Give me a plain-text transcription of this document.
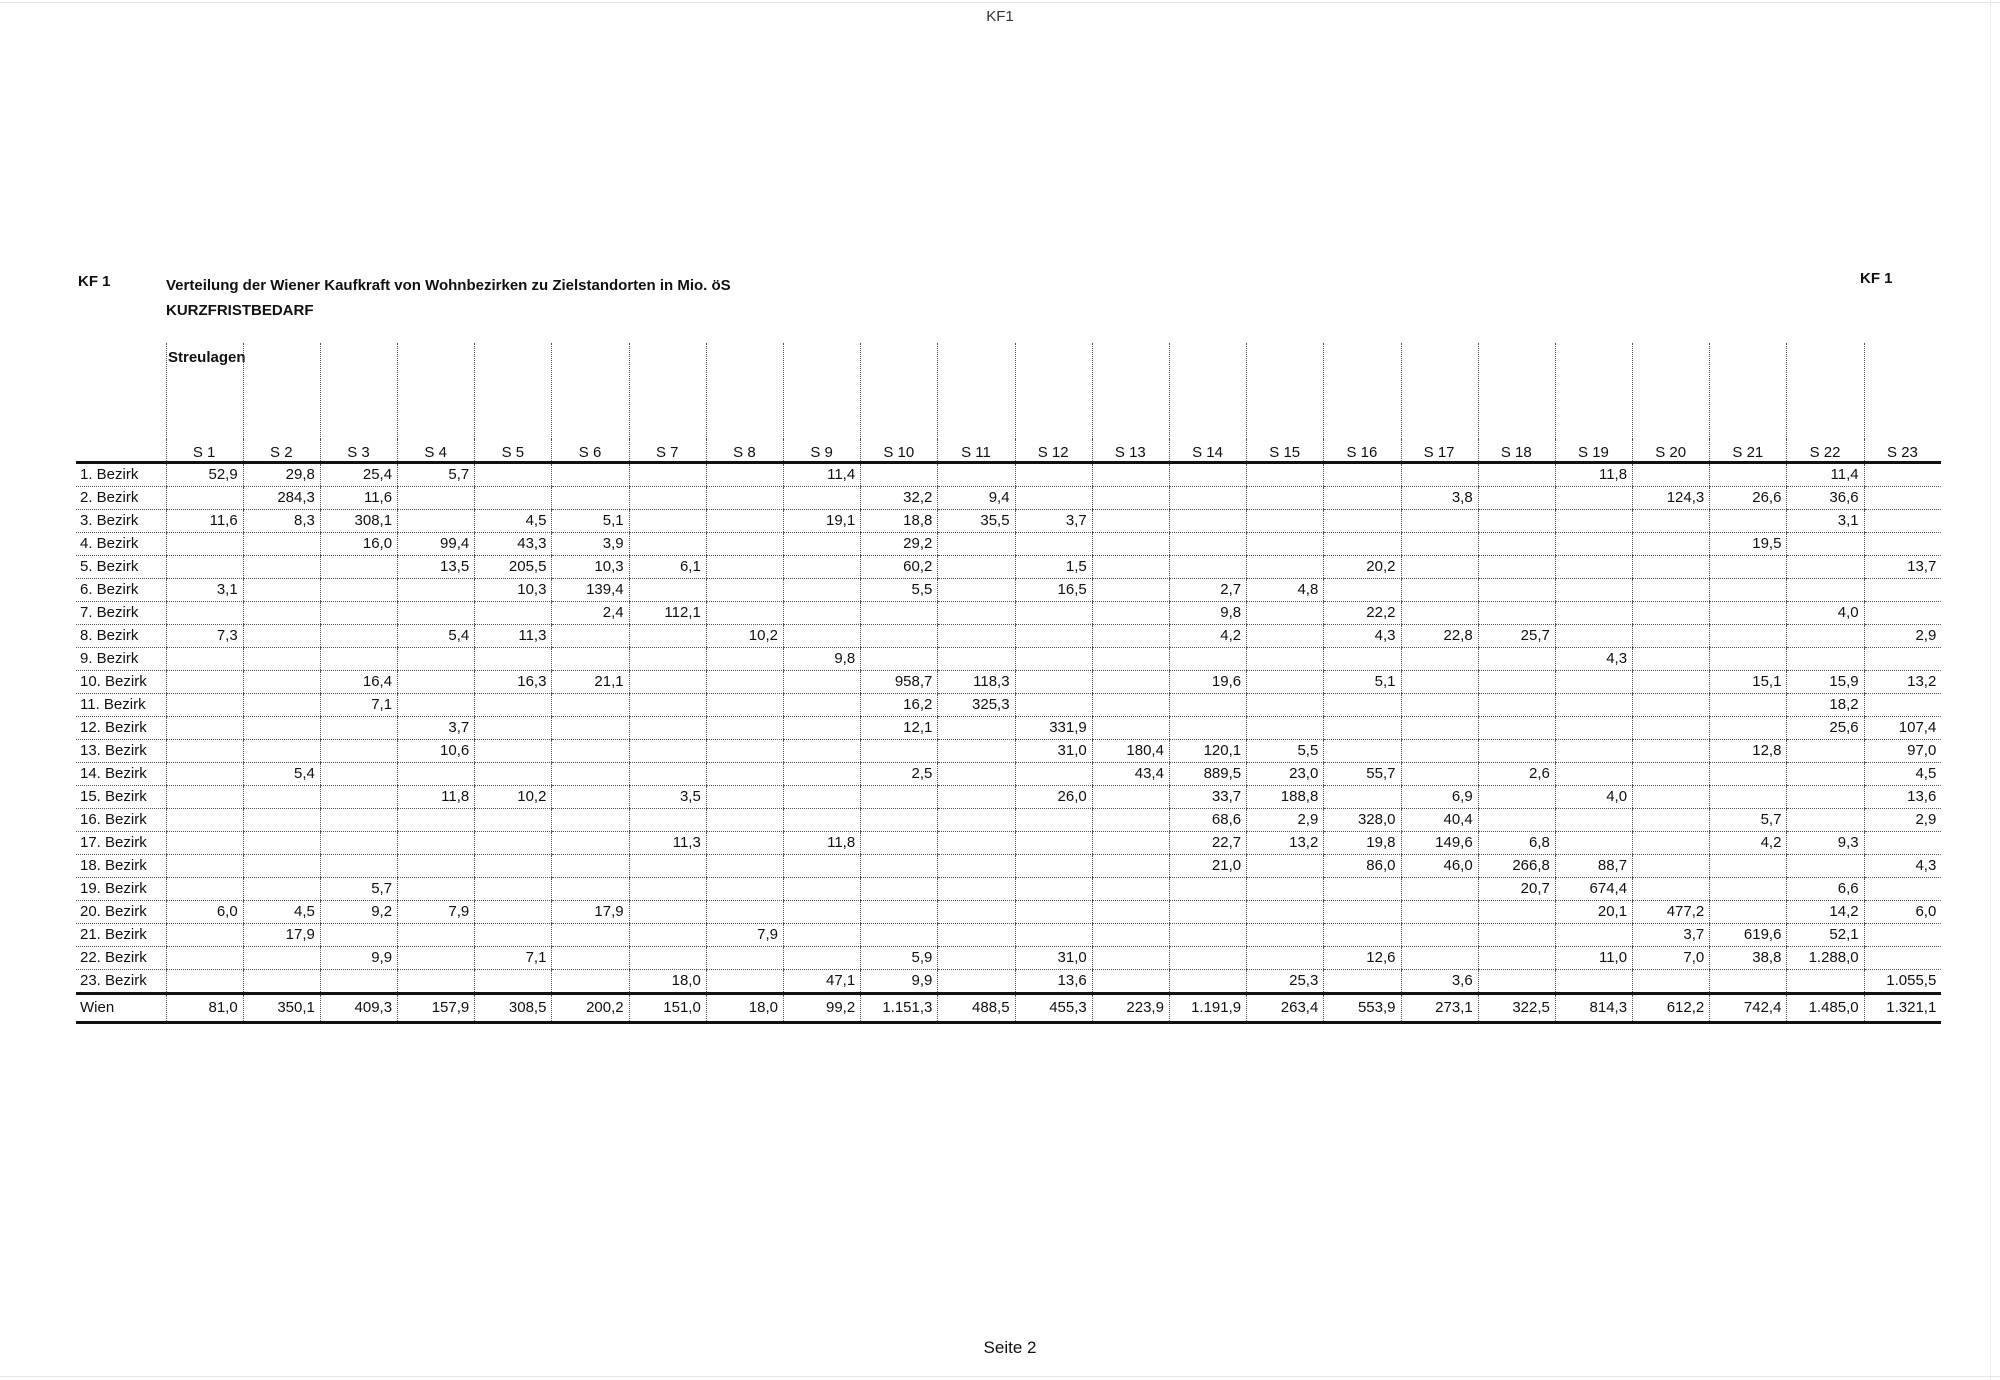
KF1
KF 1	KF 1
Verteilung der Wiener Kaufkraft von Wohnbezirken zu Zielstandorten in Mio. öS
KURZFRISTBEDARF
Streulagen

	S 1	S 2	S 3	S 4	S 5	S 6	S 7	S 8	S 9	S 10	S 11	S 12	S 13	S 14	S 15	S 16	S 17	S 18	S 19	S 20	S 21	S 22	S 23
1. Bezirk	52,9	29,8	25,4	5,7					11,4										11,8			11,4	
2. Bezirk		284,3	11,6							32,2	9,4						3,8			124,3	26,6	36,6	
3. Bezirk	11,6	8,3	308,1		4,5	5,1			19,1	18,8	35,5	3,7										3,1	
4. Bezirk			16,0	99,4	43,3	3,9				29,2											19,5		
5. Bezirk				13,5	205,5	10,3	6,1			60,2		1,5				20,2							13,7
6. Bezirk	3,1				10,3	139,4				5,5		16,5		2,7	4,8								
7. Bezirk						2,4	112,1							9,8		22,2						4,0	
8. Bezirk	7,3			5,4	11,3			10,2						4,2		4,3	22,8	25,7					2,9
9. Bezirk									9,8										4,3				
10. Bezirk			16,4		16,3	21,1				958,7	118,3			19,6		5,1					15,1	15,9	13,2
11. Bezirk			7,1							16,2	325,3											18,2	
12. Bezirk				3,7						12,1		331,9										25,6	107,4
13. Bezirk				10,6								31,0	180,4	120,1	5,5						12,8		97,0
14. Bezirk		5,4								2,5			43,4	889,5	23,0	55,7		2,6					4,5
15. Bezirk				11,8	10,2		3,5					26,0		33,7	188,8		6,9		4,0				13,6
16. Bezirk														68,6	2,9	328,0	40,4				5,7		2,9
17. Bezirk							11,3		11,8					22,7	13,2	19,8	149,6	6,8			4,2	9,3	
18. Bezirk														21,0		86,0	46,0	266,8	88,7				4,3
19. Bezirk			5,7															20,7	674,4			6,6	
20. Bezirk	6,0	4,5	9,2	7,9		17,9													20,1	477,2		14,2	6,0
21. Bezirk		17,9						7,9												3,7	619,6	52,1	
22. Bezirk			9,9		7,1					5,9		31,0				12,6			11,0	7,0	38,8	1.288,0	
23. Bezirk							18,0		47,1	9,9		13,6			25,3		3,6						1.055,5
Wien	81,0	350,1	409,3	157,9	308,5	200,2	151,0	18,0	99,2	1.151,3	488,5	455,3	223,9	1.191,9	263,4	553,9	273,1	322,5	814,3	612,2	742,4	1.485,0	1.321,1
Seite 2
